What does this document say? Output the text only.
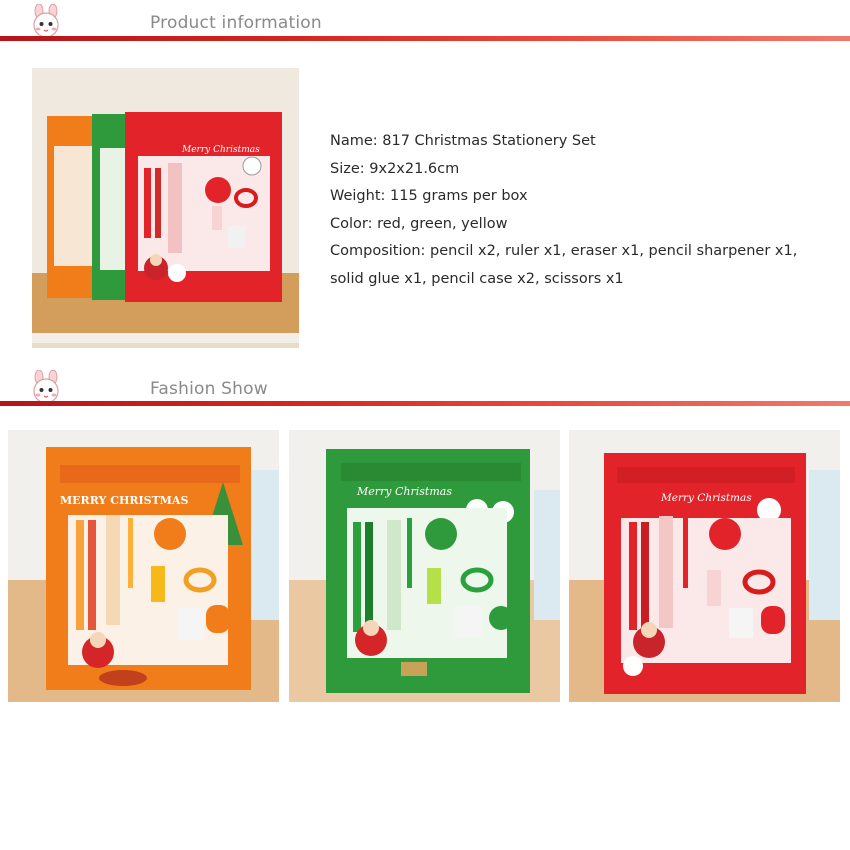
Product information
Merry Christmas
Name: 817 Christmas Stationery Set
Size: 9x2x21.6cm
Weight: 115 grams per box
Color: red, green, yellow
Composition: pencil x2, ruler x1, eraser x1, pencil sharpener x1,
solid glue x1, pencil case x2, scissors x1
Fashion Show
MERRY CHRISTMAS
Merry Christmas	Merry Christmas
